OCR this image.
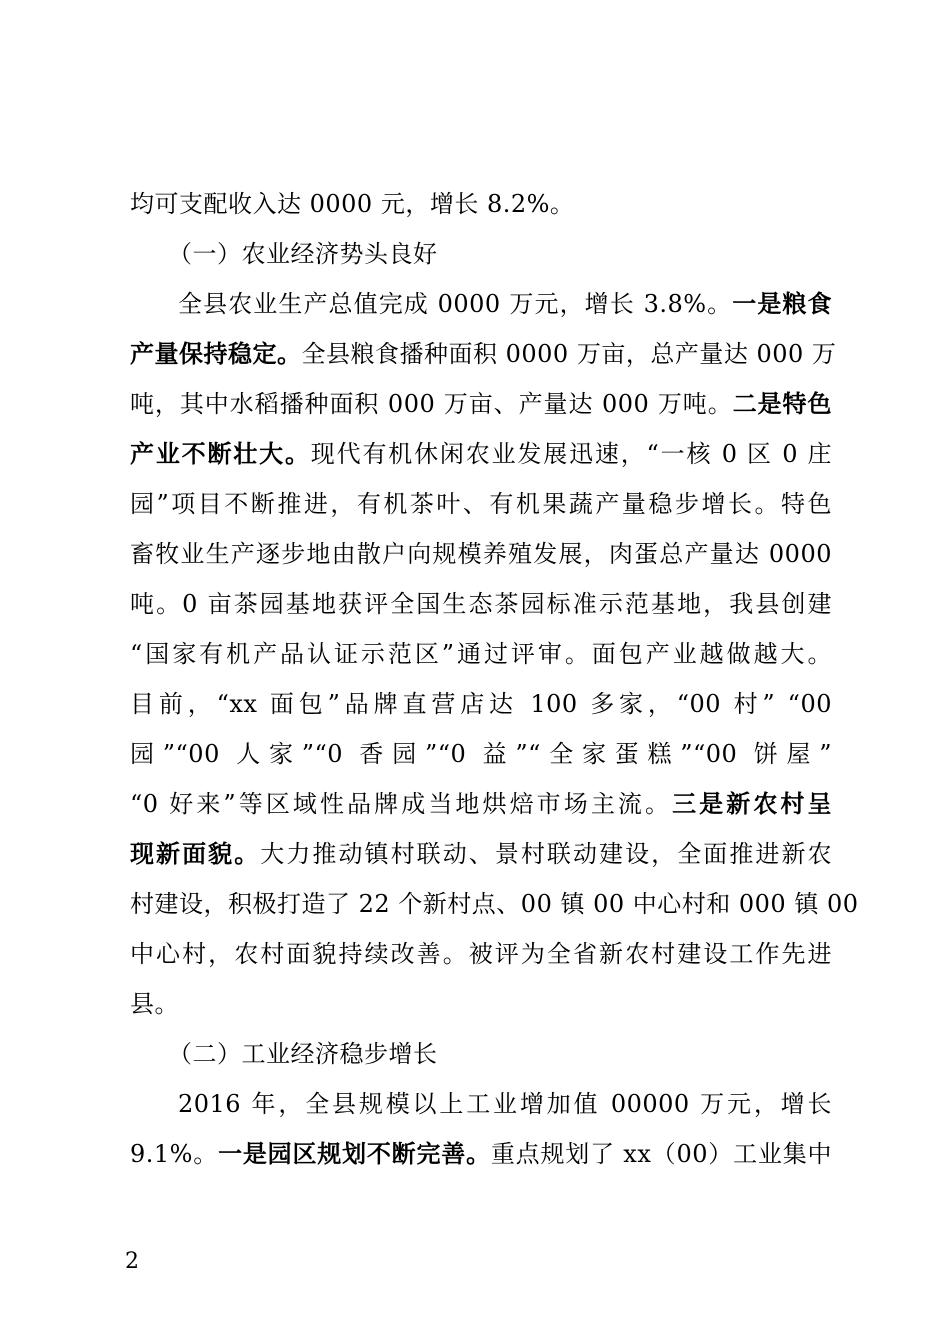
均可支配收入达 0000 元，增长 8.2%。
（一）农业经济势头良好
全县农业生产总值完成 0000 万元，增长 3.8%。一是粮食
产量保持稳定。全县粮食播种面积 0000 万亩，总产量达 000 万
吨，其中水稻播种面积 000 万亩、产量达 000 万吨。二是特色
产业不断壮大。现代有机休闲农业发展迅速，“一核 0 区 0 庄
园”项目不断推进，有机茶叶、有机果蔬产量稳步增长。特色
畜牧业生产逐步地由散户向规模养殖发展，肉蛋总产量达 0000
吨。0 亩茶园基地获评全国生态茶园标准示范基地，我县创建
“国家有机产品认证示范区”通过评审。面包产业越做越大。
目前，“xx 面包”品牌直营店达 100 多家，“00 村” “00
园”“00 人家”“0 香园”“0 益”“全家蛋糕”“00 饼屋”
“0 好来”等区域性品牌成当地烘焙市场主流。三是新农村呈
现新面貌。大力推动镇村联动、景村联动建设，全面推进新农
村建设，积极打造了 22 个新村点、00 镇 00 中心村和 000 镇 00
中心村，农村面貌持续改善。被评为全省新农村建设工作先进
县。
（二）工业经济稳步增长
2016 年，全县规模以上工业增加值 00000 万元，增长
9.1%。一是园区规划不断完善。重点规划了 xx（00）工业集中
2
